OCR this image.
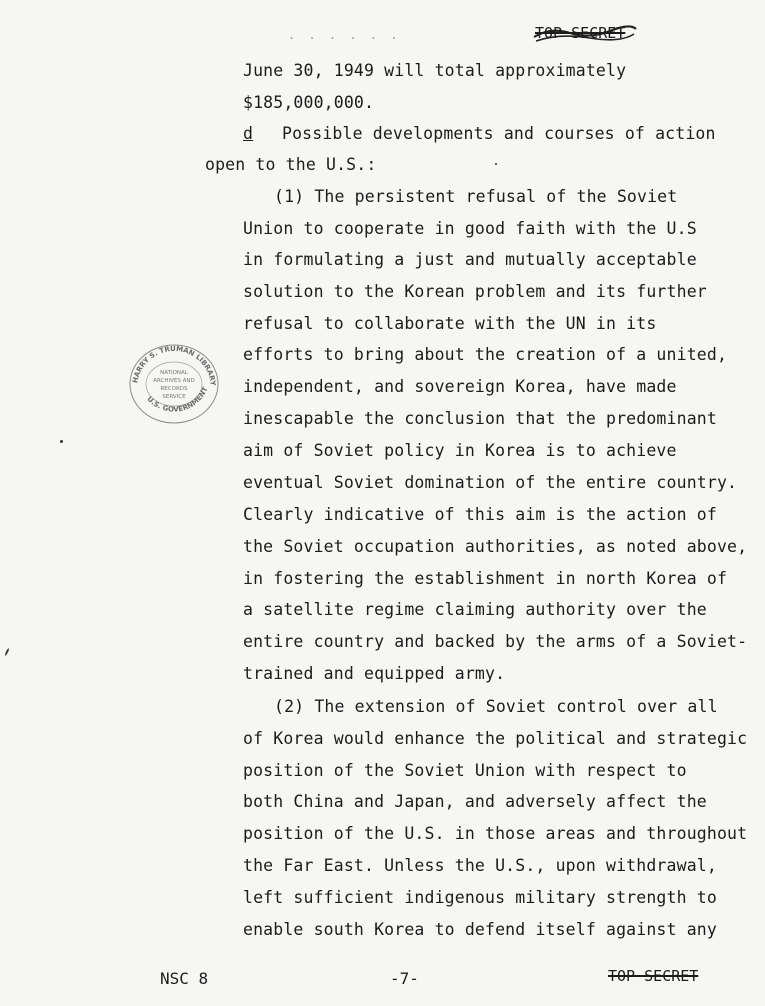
. . . . . .	TOP SECRET
June 30, 1949 will total approximately
$185,000,000.
d Possible developments and courses of action
open to the U.S.:
(1) The persistent refusal of the Soviet
Union to cooperate in good faith with the U.S
in formulating a just and mutually acceptable
solution to the Korean problem and its further
refusal to collaborate with the UN in its
efforts to bring about the creation of a united,
independent, and sovereign Korea, have made
inescapable the conclusion that the predominant
aim of Soviet policy in Korea is to achieve
eventual Soviet domination of the entire country.
Clearly indicative of this aim is the action of
the Soviet occupation authorities, as noted above,
in fostering the establishment in north Korea of
a satellite regime claiming authority over the
entire country and backed by the arms of a Soviet-
trained and equipped army.
(2) The extension of Soviet control over all
of Korea would enhance the political and strategic
position of the Soviet Union with respect to
both China and Japan, and adversely affect the
position of the U.S. in those areas and throughout
the Far East. Unless the U.S., upon withdrawal,
left sufficient indigenous military strength to
enable south Korea to defend itself against any
HARRY S. TRUMAN LIBRARY
U.S. GOVERNMENT
NATIONAL
ARCHIVES AND
RECORDS
SERVICE
NSC 8	-7-	TOP SECRET
